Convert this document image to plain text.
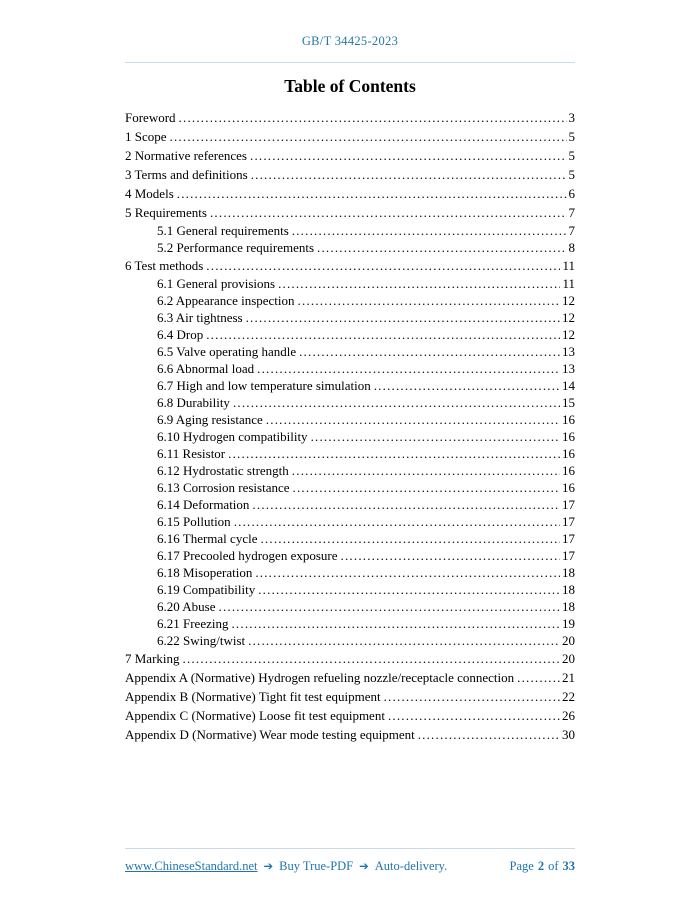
GB/T 34425-2023
Table of Contents
Foreword .....	3
1 Scope .....	5
2 Normative references .....	5
3 Terms and definitions .....	5
4 Models .....	6
5 Requirements .....	7
5.1 General requirements .....	7
5.2 Performance requirements .....	8
6 Test methods .....	11
6.1 General provisions .....	11
6.2 Appearance inspection .....	12
6.3 Air tightness .....	12
6.4 Drop .....	12
6.5 Valve operating handle .....	13
6.6 Abnormal load .....	13
6.7 High and low temperature simulation .....	14
6.8 Durability .....	15
6.9 Aging resistance .....	16
6.10 Hydrogen compatibility .....	16
6.11 Resistor .....	16
6.12 Hydrostatic strength .....	16
6.13 Corrosion resistance .....	16
6.14 Deformation .....	17
6.15 Pollution .....	17
6.16 Thermal cycle .....	17
6.17 Precooled hydrogen exposure .....	17
6.18 Misoperation .....	18
6.19 Compatibility .....	18
6.20 Abuse .....	18
6.21 Freezing .....	19
6.22 Swing/twist .....	20
7 Marking .....	20
Appendix A (Normative) Hydrogen refueling nozzle/receptacle connection .....	21
Appendix B (Normative) Tight fit test equipment .....	22
Appendix C (Normative) Loose fit test equipment .....	26
Appendix D (Normative) Wear mode testing equipment .....	30
www.ChineseStandard.net ➔ Buy True-PDF ➔ Auto-delivery.	Page 2 of 33
